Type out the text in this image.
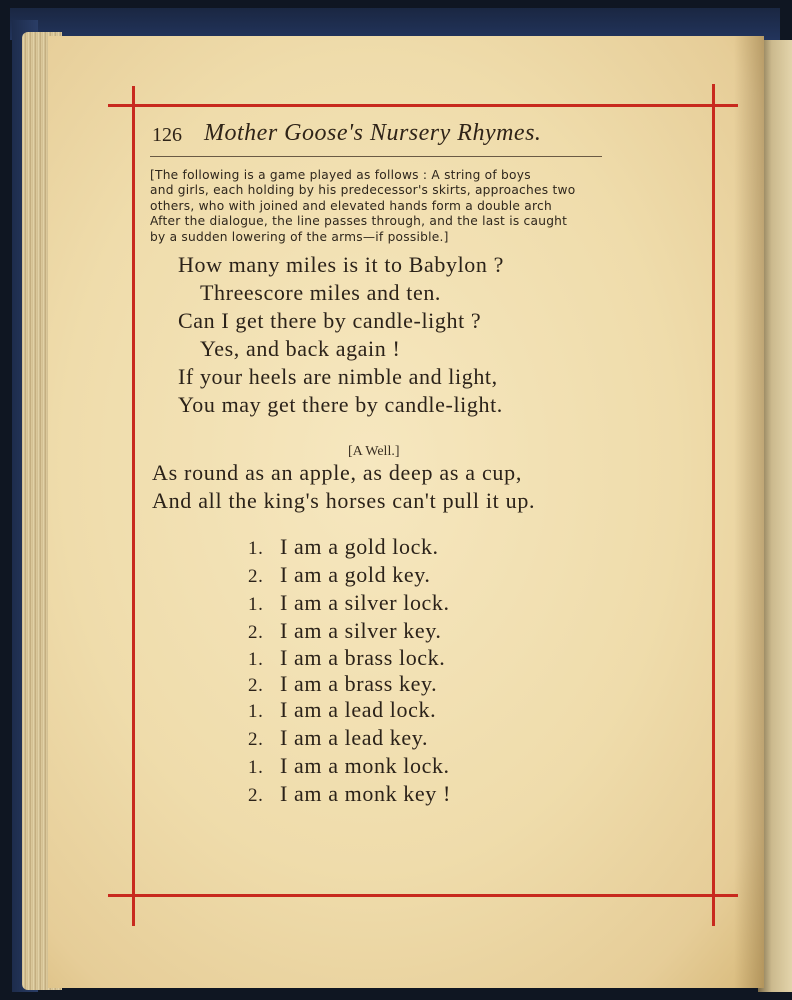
126 Mother Goose's Nursery Rhymes.
[The following is a game played as follows : A string of boys
and girls, each holding by his predecessor's skirts, approaches two
others, who with joined and elevated hands form a double arch
After the dialogue, the line passes through, and the last is caught
by a sudden lowering of the arms—if possible.]
How many miles is it to Babylon ?
Threescore miles and ten.
Can I get there by candle-light ?
Yes, and back again !
If your heels are nimble and light,
You may get there by candle-light.
[A Well.]
As round as an apple, as deep as a cup,
And all the king's horses can't pull it up.
1. I am a gold lock.
2. I am a gold key.
1. I am a silver lock.
2. I am a silver key.
1. I am a brass lock.
2. I am a brass key.
1. I am a lead lock.
2. I am a lead key.
1. I am a monk lock.
2. I am a monk key !
